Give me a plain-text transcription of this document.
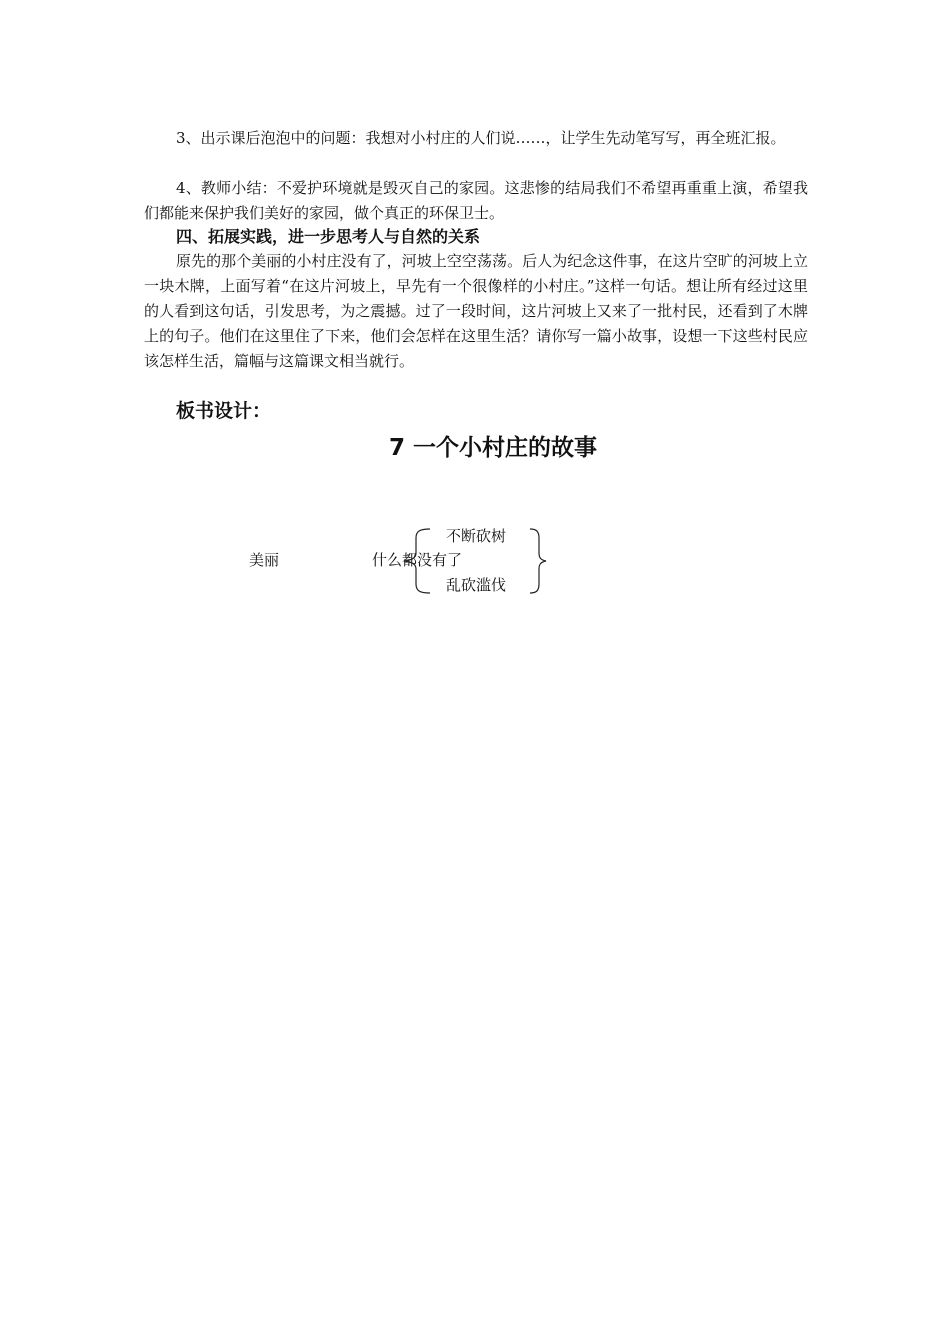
3、出示课后泡泡中的问题：我想对小村庄的人们说……，让学生先动笔写写，再全班汇报。

4、教师小结：不爱护环境就是毁灭自己的家园。这悲惨的结局我们不希望再重重上演，希望我们都能来保护我们美好的家园，做个真正的环保卫士。

四、拓展实践，进一步思考人与自然的关系

原先的那个美丽的小村庄没有了，河坡上空空荡荡。后人为纪念这件事，在这片空旷的河坡上立一块木牌，上面写着“在这片河坡上，早先有一个很像样的小村庄。”这样一句话。想让所有经过这里的人看到这句话，引发思考，为之震撼。过了一段时间，这片河坡上又来了一批村民，还看到了木牌上的句子。他们在这里住了下来，他们会怎样在这里生活？请你写一篇小故事，设想一下这些村民应该怎样生活，篇幅与这篇课文相当就行。

板书设计：
7 一个小村庄的故事
美丽	什么都没有了
不断砍树
乱砍滥伐
